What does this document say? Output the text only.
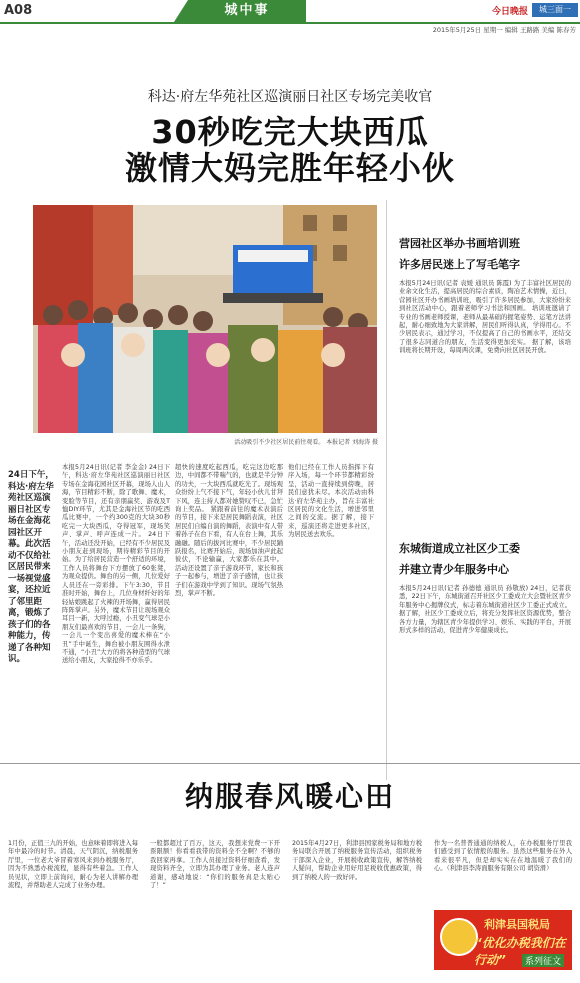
A08	城中事	今日晚报	城三面一
2015年5月25日 星期一 编辑 王路路 美编 陈春芳
科达·府左华苑社区巡演丽日社区专场完美收官
30秒吃完大块西瓜
激情大妈完胜年轻小伙
活动吸引不少社区居民前往观看。 本报记者 刘海涛 摄
24日下午，科达·府左华苑社区巡演丽日社区专场在金海花园社区开幕。此次活动不仅给社区居民带来一场视觉盛宴，还拉近了邻里距离，锻炼了孩子们的各种能力，传递了各种知识。
本报5月24日讯(记者 李金金) 24日下午，科达·府左华苑社区巡演丽日社区专场在金海花园社区开幕，现场人山人海，节目精彩不断，除了歌舞、魔术，变脸等节目，还有亲朋赢奖、游戏及T恤DIY环节，尤其是金海社区节的吃西瓜比赛中，一个约300克的大块30秒吃完一大块西瓜，夺得冠军，现场笑声、掌声、呼声连成一片。 24日下午，活动还没开始，已经有不少居民及小朋友赶到现场，期待精彩节目的开始。为了给居民营造一个舒适的环境，工作人员将舞台下方摆放了60张凳，为观众提供。舞台的另一侧，几位爱好人员还在一旁彩排。下午3:30，节目准时开始，舞台上，几位身材纤好的年轻姑娘跳起了火辣的开场舞，赢得居民阵阵掌声。另外，魔术节目让现场观众耳目一新，大呼过瘾，小丑变气球是小朋友们最喜欢的节目，一会儿一条狗，一会儿一个变出喜爱的魔术棒在“小丑”手中诞生，舞台被小朋友围得水泄不通，“小丑”大方的将各种造型的气球送给小朋友，大家抢得不亦乐乎。
超快的速度吃起西瓜，吃完这边吃那边，中间都不带喘气的，也就是半分钟的功夫，一大块西瓜就吃光了。现场观众纷纷上气不接下气，年轻小伙儿甘拜下风，连主持人都对她赞叹不已，急忙询上奖品。 紧跟着前往的魔术表演后的节目，接下来是居民舞蹈表演，社区居民们自编自演的舞蹈，表演中有人带着孙子在台下看，有人在台上舞，其乐融融。随后的拔河比赛中，不少居民踊跃报名，比赛开始后，现场加油声此起彼伏，不论输赢，大家都乐在其中。 活动还设置了亲子游戏环节，家长和孩子一起参与，增进了亲子感情，也让孩子们在游戏中学到了知识。现场气氛热烈，掌声不断。
他们已经在工作人员指挥下有序入场，每一个环节都精彩纷呈，活动一直持续到傍晚，居民们意犹未尽。本次活动由科达·府左华苑主办，旨在丰富社区居民的文化生活，增进邻里之间的交流。据了解，接下来，巡演还将走进更多社区，为居民送去欢乐。
营园社区举办书画培训班
许多居民迷上了写毛笔字
本报5月24日讯(记者 袁媛 通讯员 陈霞) 为了丰富社区居民的业余文化生活，提高居民的综合素质，陶冶艺术情操，近日，营园社区开办书画培训班，吸引了许多居民参加，大家纷纷来到社区活动中心，跟着老师学习书法和国画。 培训班邀请了专业的书画老师授课，老师从最基础的握笔姿势、运笔方法讲起，耐心细致地为大家讲解，居民们听得认真，学得用心。不少居民表示，通过学习，不仅提高了自己的书画水平，还结交了很多志同道合的朋友，生活变得更加充实。 据了解，该培训班将长期开设，每周两次课，免费向社区居民开放。
东城街道成立社区少工委
并建立青少年服务中心
本报5月24日讯(记者 孙德德 通讯员 孙敬放) 24日，记者获悉，22日下午，东城街道召开社区少工委成立大会暨社区青少年服务中心揭牌仪式，标志着东城街道社区少工委正式成立。 据了解，社区少工委成立后，将充分发挥社区资源优势，整合各方力量，为辖区青少年提供学习、娱乐、实践的平台，开展形式多样的活动，促进青少年健康成长。
纳服春风暖心田
1月份，正值三九的开始，也意味着即将进入每年中最冷的时节。清晨，天气阴沉，纳税服务厅里，一位老大爷冒着寒风来到办税服务厅，因为不熟悉办税流程，显得有些着急。工作人员见状，立即上前询问，耐心为老人讲解办理流程，并帮助老人完成了业务办理。
一般都超过了百万，这天，我想来党费一下开票限额！你看看我带的资料全不全啊？不够的我回家再拿。工作人员接过资料仔细查看，发现资料齐全，立即为其办理了业务。老人连声道谢，感动地说：“你们的服务真是太贴心了！”
2015年4月27日，利津县国家税务局和地方税务局联合开展了纳税服务宣传活动，组织税务干部深入企业，开展税收政策宣传，解答纳税人疑问，帮助企业用好用足税收优惠政策，得到了纳税人的一致好评。
作为一名普普通通的纳税人，在办税服务厅里我们感受到了依情般的服务。虽然这些服务在外人看来很平凡，但是却实实在在地温暖了我们的心。（利津县李涛面服务有限公司 胡资滑）
利津县国税局
“优化办税我们在行动”	系列征文
